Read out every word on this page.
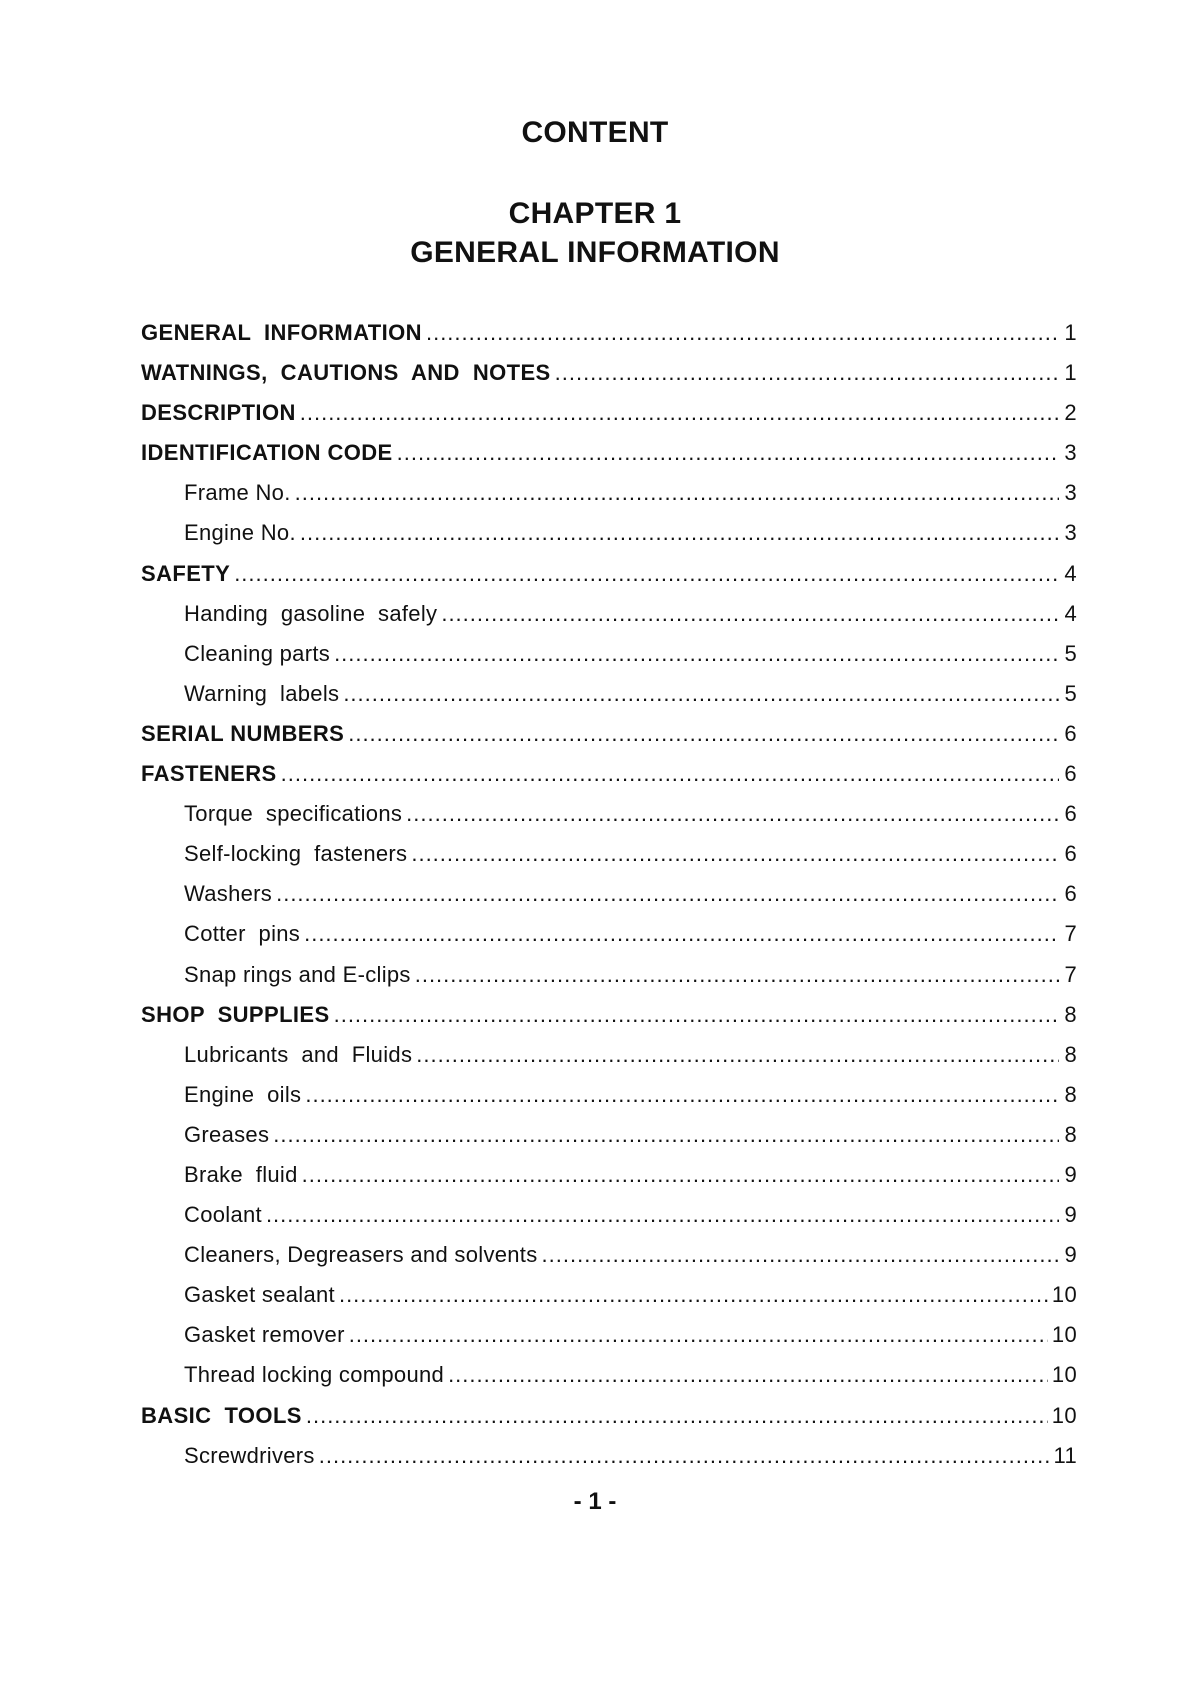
CONTENT
CHAPTER 1
GENERAL INFORMATION
GENERAL  INFORMATION .....	1
WATNINGS,  CAUTIONS  AND  NOTES .....	1
DESCRIPTION .....	2
IDENTIFICATION CODE .....	3
Frame No. .....	3
Engine No. .....	3
SAFETY .....	4
Handing  gasoline  safely .....	4
Cleaning parts .....	5
Warning  labels .....	5
SERIAL NUMBERS .....	6
FASTENERS .....	6
Torque  specifications .....	6
Self-locking  fasteners .....	6
Washers .....	6
Cotter  pins .....	7
Snap rings and E-clips .....	7
SHOP  SUPPLIES .....	8
Lubricants  and  Fluids .....	8
Engine  oils .....	8
Greases .....	8
Brake  fluid .....	9
Coolant .....	9
Cleaners, Degreasers and solvents .....	9
Gasket sealant .....	10
Gasket remover .....	10
Thread locking compound .....	10
BASIC  TOOLS .....	10
Screwdrivers .....	11
- 1 -
